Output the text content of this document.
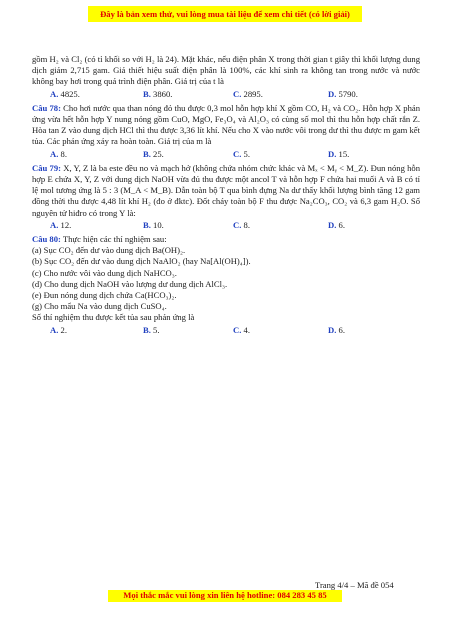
Đây là bản xem thử, vui lòng mua tài liệu để xem chi tiết (có lời giải)

gồm H₂ và Cl₂ (có tỉ khối so với H₂ là 24). Mặt khác, nếu điện phân X trong thời gian t giây thì khối lượng dung dịch giảm 2,715 gam. Giả thiết hiệu suất điện phân là 100%, các khí sinh ra không tan trong nước và nước không bay hơi trong quá trình điện phân. Giá trị của t là

A. 4825.	B. 3860.	C. 2895.	D. 5790.

Câu 78: Cho hơi nước qua than nóng đỏ thu được 0,3 mol hỗn hợp khí X gồm CO, H₂ và CO₂. Hỗn hợp X phản ứng vừa hết hỗn hợp Y nung nóng gồm CuO, MgO, Fe₃O₄ và Al₂O₃ có cùng số mol thì thu hỗn hợp chất rắn Z. Hòa tan Z vào dung dịch HCl thì thu được 3,36 lít khí. Nếu cho X vào nước vôi trong dư thì thu được m gam kết tủa. Các phản ứng xảy ra hoàn toàn. Giá trị của m là

A. 8.	B. 25.	C. 5.	D. 15.

Câu 79: X, Y, Z là ba este đều no và mạch hở (không chứa nhóm chức khác và Mₓ < Mᵧ < M_Z). Đun nóng hỗn hợp E chứa X, Y, Z với dung dịch NaOH vừa đủ thu được một ancol T và hỗn hợp F chứa hai muối A và B có tỉ lệ mol tương ứng là 5 : 3 (M_A < M_B). Dẫn toàn bộ T qua bình đựng Na dư thấy khối lượng bình tăng 12 gam đồng thời thu được 4,48 lít khí H₂ (đo ở đktc). Đốt cháy toàn bộ F thu được Na₂CO₃, CO₂ và 6,3 gam H₂O. Số nguyên tử hiđro có trong Y là:

A. 12.	B. 10.	C. 8.	D. 6.

Câu 80: Thực hiện các thí nghiệm sau:

(a) Sục CO₂ đến dư vào dung dịch Ba(OH)₂.

(b) Sục CO₂ đến dư vào dung dịch NaAlO₂ (hay Na[Al(OH)₄]).

(c) Cho nước vôi vào dung dịch NaHCO₃.

(d) Cho dung dịch NaOH vào lượng dư dung dịch AlCl₃.

(e) Đun nóng dung dịch chứa Ca(HCO₃)₂.

(g) Cho mẩu Na vào dung dịch CuSO₄.

Số thí nghiệm thu được kết tủa sau phản ứng là

A. 2.	B. 5.	C. 4.	D. 6.
Trang 4/4 – Mã đề 054
Mọi thắc mắc vui lòng xin liên hệ hotline: 084 283 45 85
